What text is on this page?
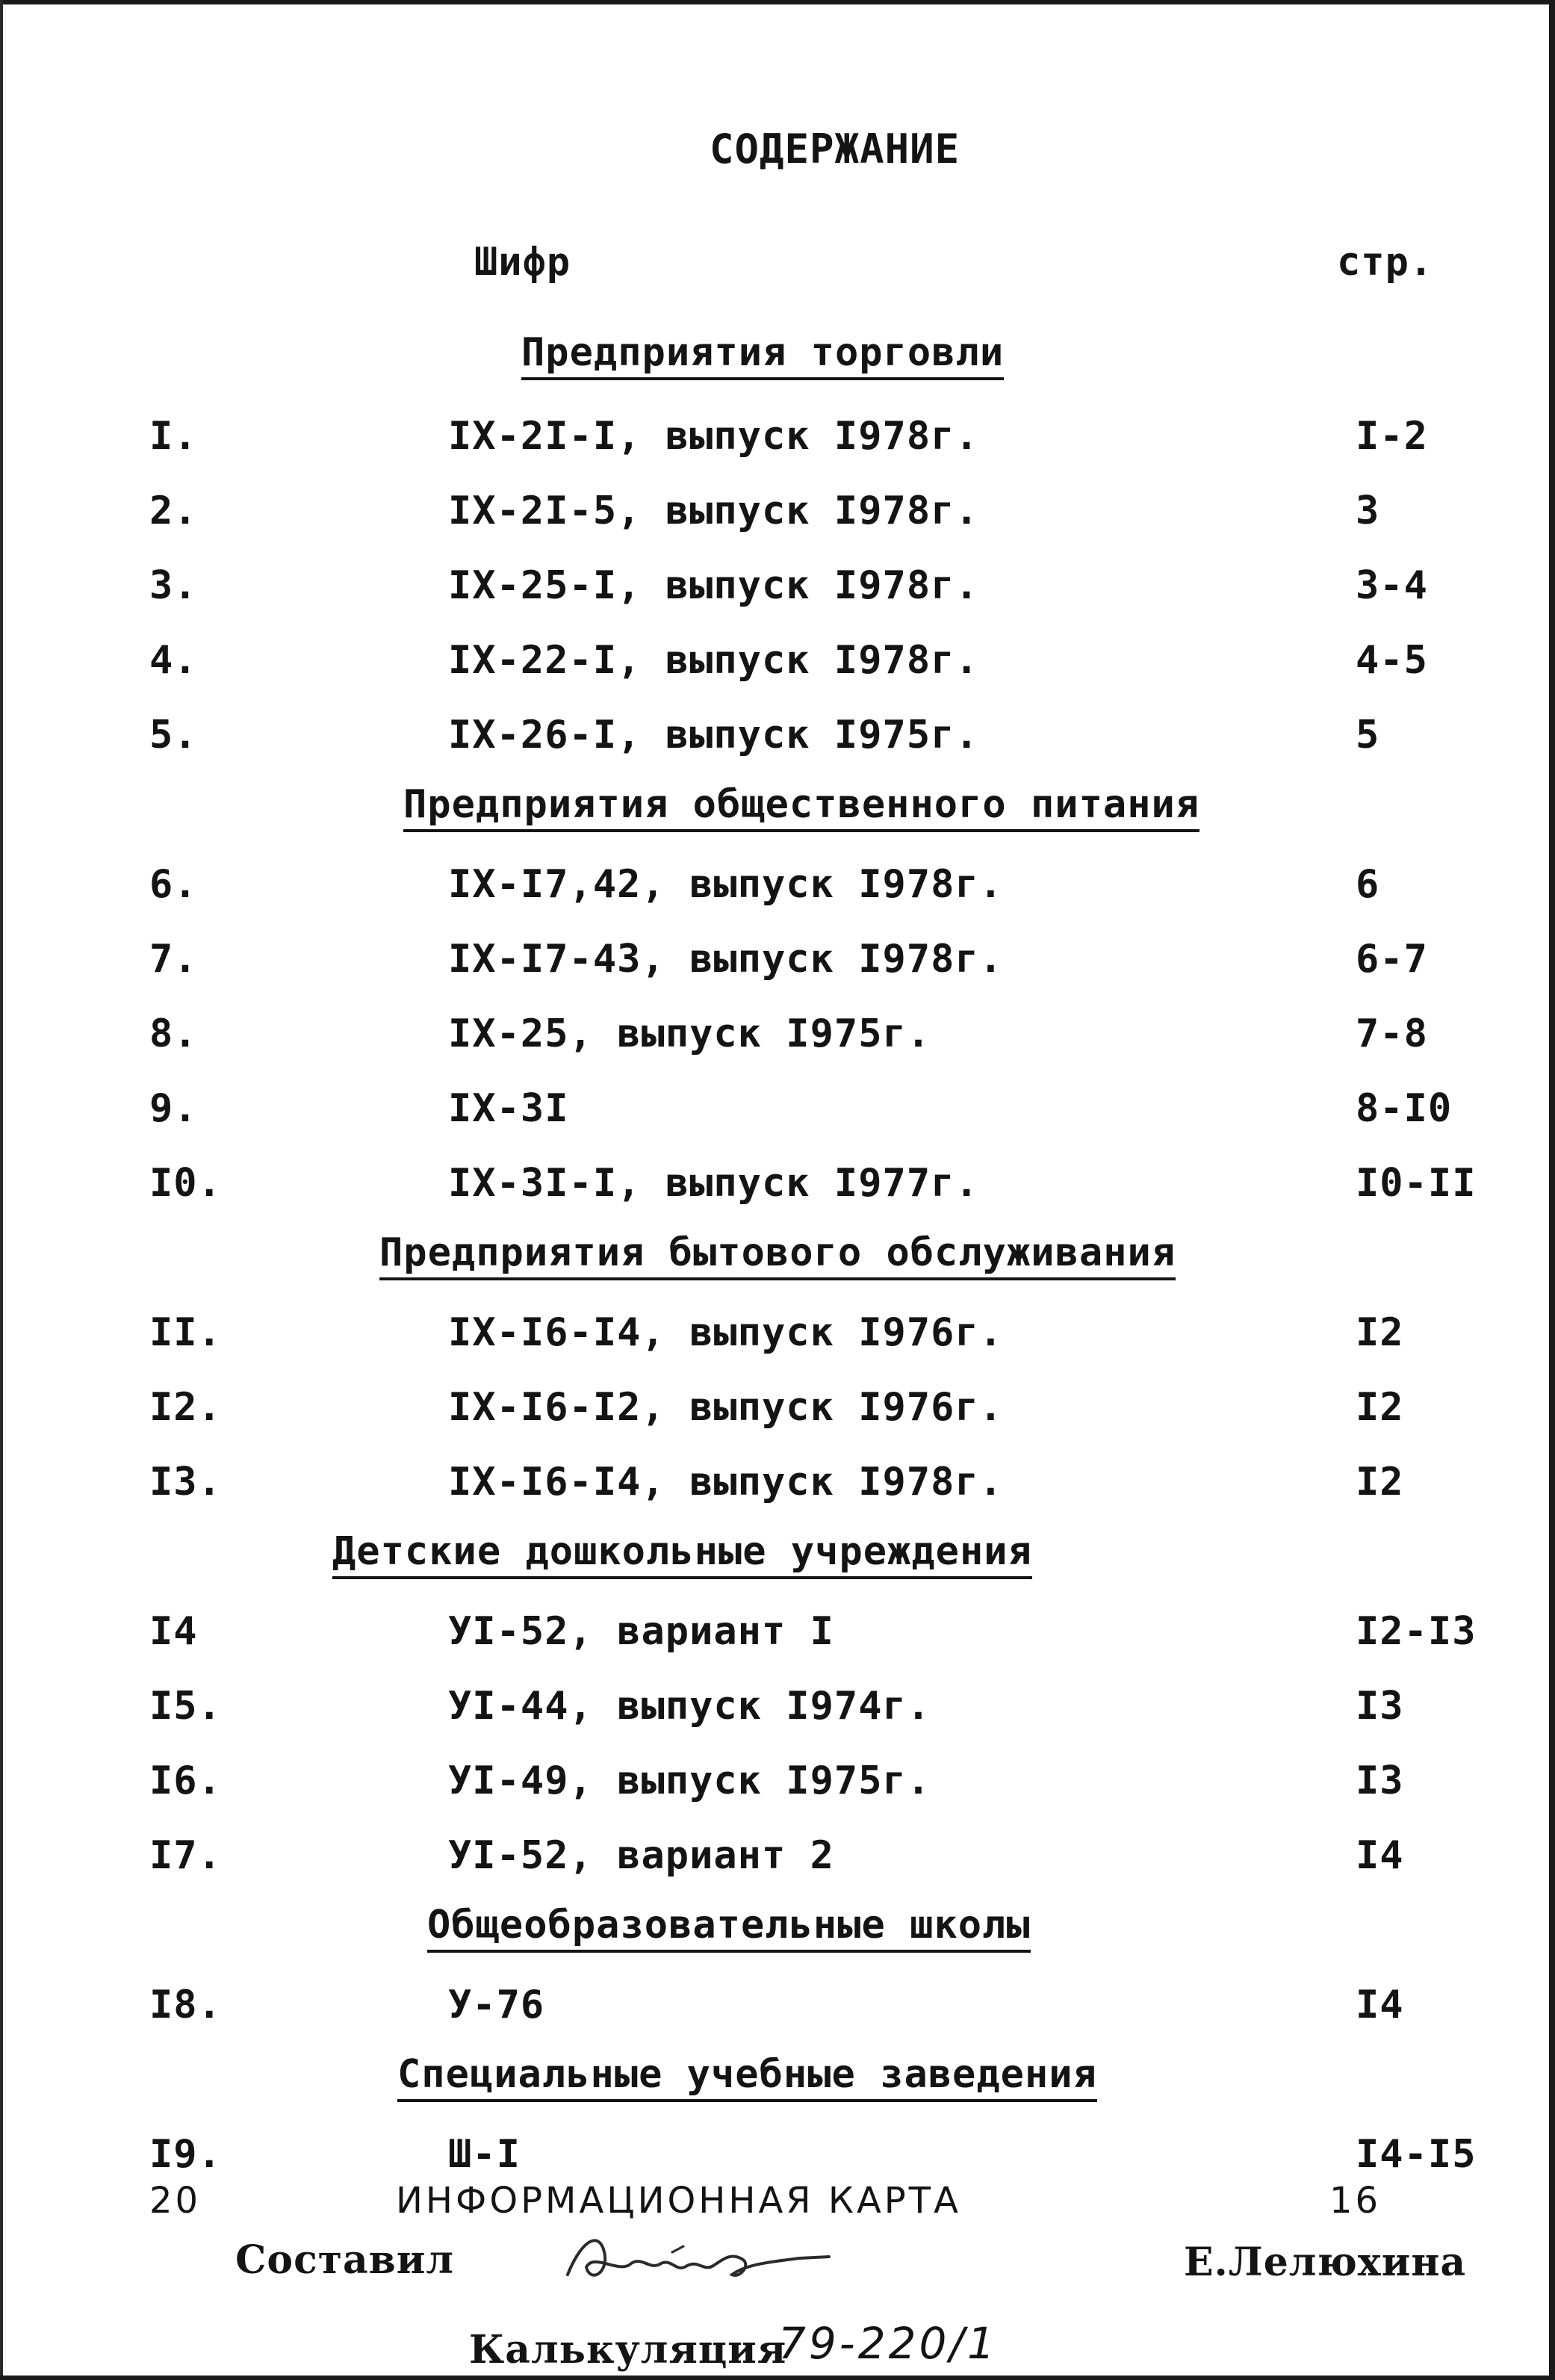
СОДЕРЖАНИЕ
Шифр	стр.
Предприятия торговли
I.	IX-2I-I, выпуск I978г.	I-2
2.	IX-2I-5, выпуск I978г.	3
3.	IX-25-I, выпуск I978г.	3-4
4.	IX-22-I, выпуск I978г.	4-5
5.	IX-26-I, выпуск I975г.	5
Предприятия общественного питания
6.	IX-I7,42, выпуск I978г.	6
7.	IX-I7-43, выпуск I978г.	6-7
8.	IX-25, выпуск I975г.	7-8
9.	IX-3I	8-I0
I0.	IX-3I-I, выпуск I977г.	I0-II
Предприятия бытового обслуживания
II.	IX-I6-I4, выпуск I976г.	I2
I2.	IX-I6-I2, выпуск I976г.	I2
I3.	IX-I6-I4, выпуск I978г.	I2
Детские дошкольные учреждения
I4	УI-52, вариант I	I2-I3
I5.	УI-44, выпуск I974г.	I3
I6.	УI-49, выпуск I975г.	I3
I7.	УI-52, вариант 2	I4
Общеобразовательные школы
I8.	У-76	I4
Специальные учебные заведения
I9.	Ш-I	I4-I5
20	ИНФОРМАЦИОННАЯ КАРТА	16
Составил	Е.Лелюхина
Калькуляция
79-220/1
